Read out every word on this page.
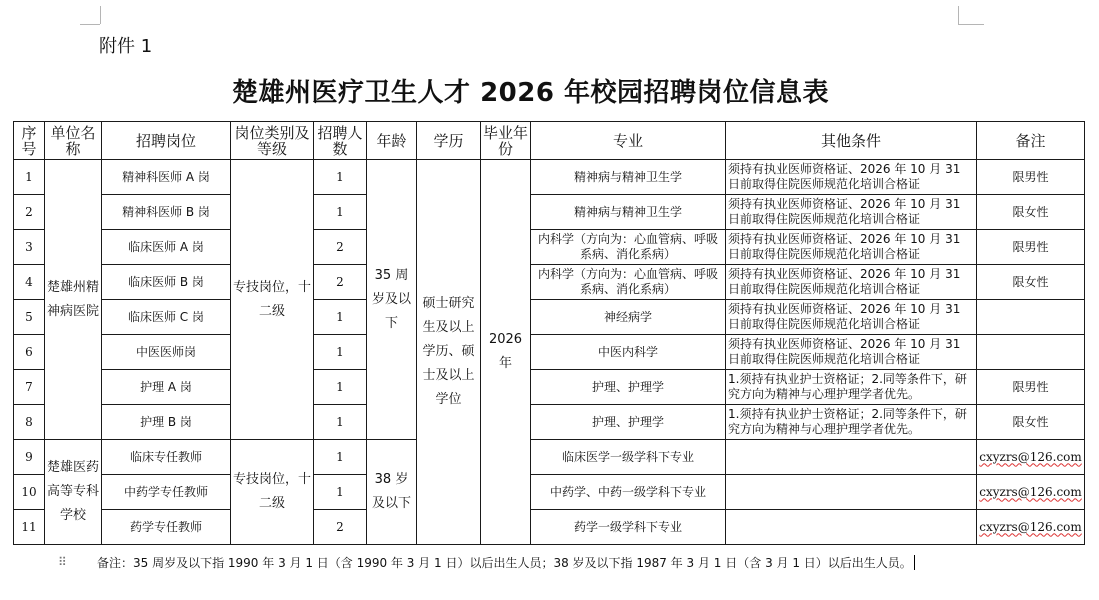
附件 1
楚雄州医疗卫生人才 2026 年校园招聘岗位信息表
序号	单位名称	招聘岗位	岗位类别及等级	招聘人数	年龄	学历	毕业年份	专业	其他条件	备注
1	楚雄州精神病医院	精神科医师 A 岗	专技岗位，十二级	1	35 周岁及以下	硕士研究生及以上学历、硕士及以上学位	2026 年	精神病与精神卫生学	须持有执业医师资格证、2026 年 10 月 31 日前取得住院医师规范化培训合格证	限男性
2		精神科医师 B 岗		1				精神病与精神卫生学	须持有执业医师资格证、2026 年 10 月 31 日前取得住院医师规范化培训合格证	限女性
3		临床医师 A 岗		2				内科学（方向为：心血管病、呼吸系病、消化系病）	须持有执业医师资格证、2026 年 10 月 31 日前取得住院医师规范化培训合格证	限男性
4		临床医师 B 岗		2				内科学（方向为：心血管病、呼吸系病、消化系病）	须持有执业医师资格证、2026 年 10 月 31 日前取得住院医师规范化培训合格证	限女性
5		临床医师 C 岗		1				神经病学	须持有执业医师资格证、2026 年 10 月 31 日前取得住院医师规范化培训合格证	
6		中医医师岗		1				中医内科学	须持有执业医师资格证、2026 年 10 月 31 日前取得住院医师规范化培训合格证	
7		护理 A 岗		1				护理、护理学	1.须持有执业护士资格证；2.同等条件下，研究方向为精神与心理护理学者优先。	限男性
8		护理 B 岗		1				护理、护理学	1.须持有执业护士资格证；2.同等条件下，研究方向为精神与心理护理学者优先。	限女性
9	楚雄医药高等专科学校	临床专任教师	专技岗位，十二级	1	38 岁及以下			临床医学一级学科下专业		cxyzrs@126.com
10		中药学专任教师		1				中药学、中药一级学科下专业		cxyzrs@126.com
11		药学专任教师		2				药学一级学科下专业		cxyzrs@126.com
⠿	备注：35 周岁及以下指 1990 年 3 月 1 日（含 1990 年 3 月 1 日）以后出生人员；38 岁及以下指 1987 年 3 月 1 日（含 3 月 1 日）以后出生人员。
